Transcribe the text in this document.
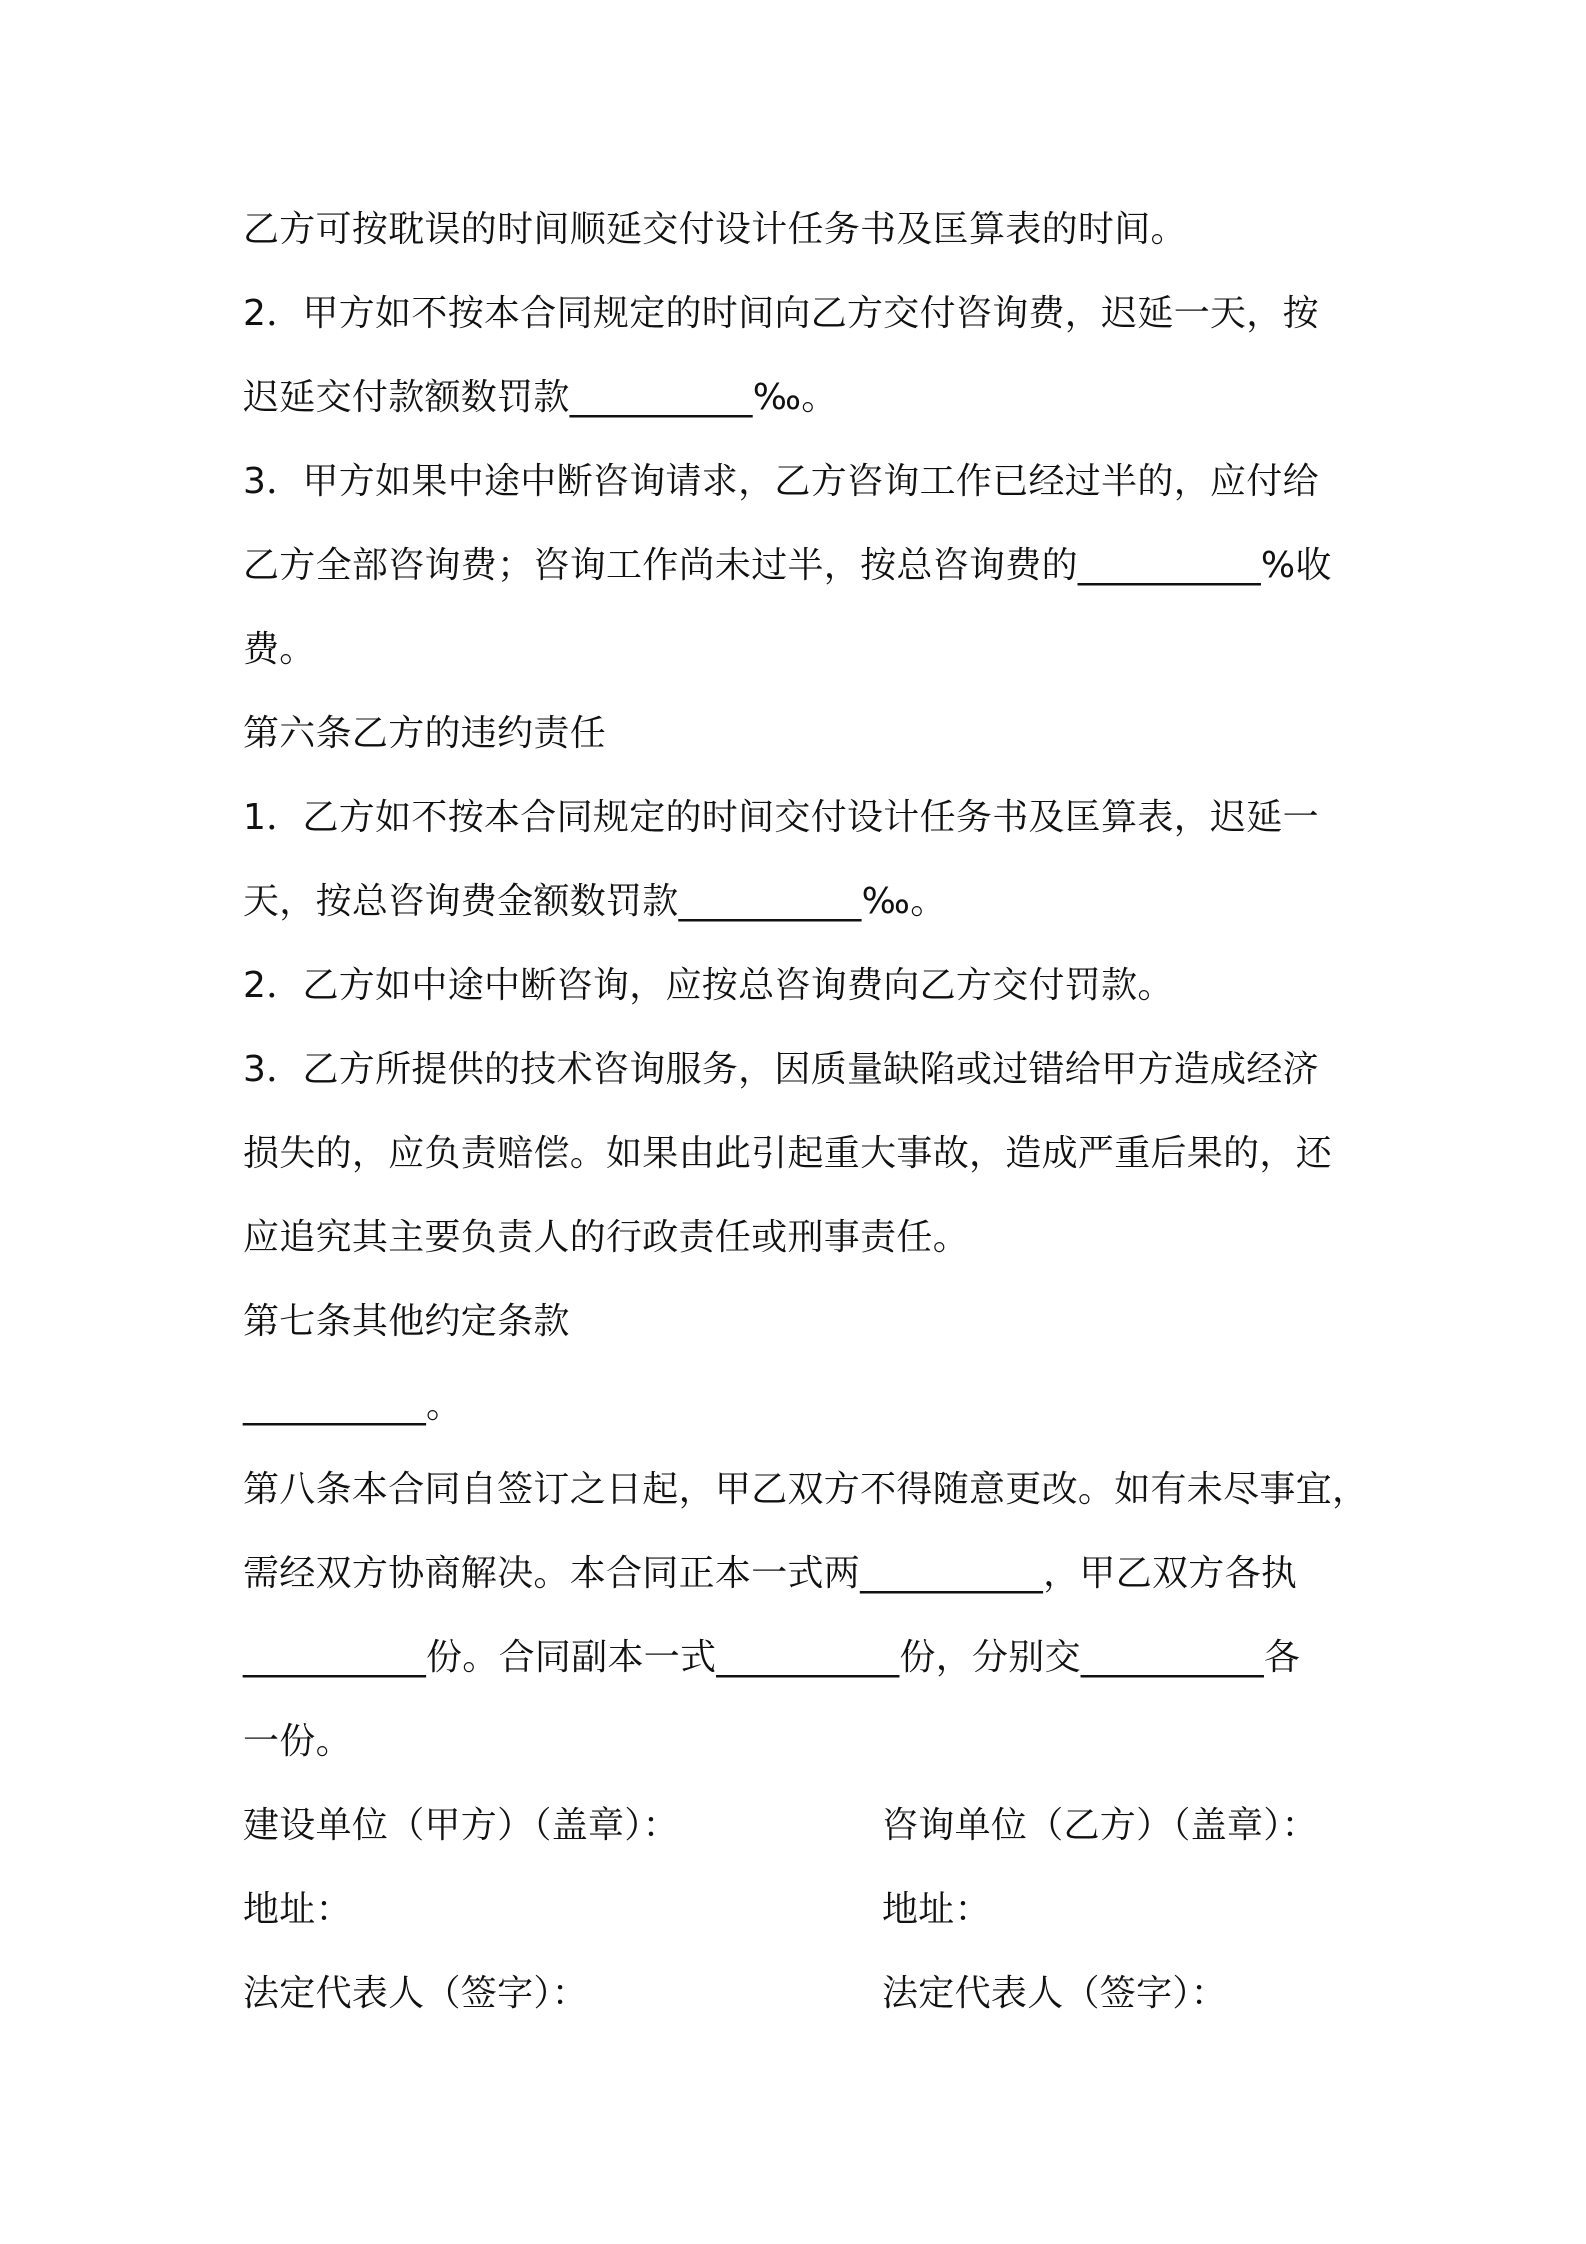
乙方可按耽误的时间顺延交付设计任务书及匡算表的时间。
2．甲方如不按本合同规定的时间向乙方交付咨询费，迟延一天，按
迟延交付款额数罚款__________‰。
3．甲方如果中途中断咨询请求，乙方咨询工作已经过半的，应付给
乙方全部咨询费；咨询工作尚未过半，按总咨询费的__________%收
费。
第六条乙方的违约责任
1．乙方如不按本合同规定的时间交付设计任务书及匡算表，迟延一
天，按总咨询费金额数罚款__________‰。
2．乙方如中途中断咨询，应按总咨询费向乙方交付罚款。
3．乙方所提供的技术咨询服务，因质量缺陷或过错给甲方造成经济
损失的，应负责赔偿。如果由此引起重大事故，造成严重后果的，还
应追究其主要负责人的行政责任或刑事责任。
第七条其他约定条款
__________。
第八条本合同自签订之日起，甲乙双方不得随意更改。如有未尽事宜，
需经双方协商解决。本合同正本一式两__________，甲乙双方各执
__________份。合同副本一式__________份，分别交__________各
一份。
建设单位（甲方）（盖章）：	咨询单位（乙方）（盖章）：
地址：	地址：
法定代表人（签字）：	法定代表人（签字）：
